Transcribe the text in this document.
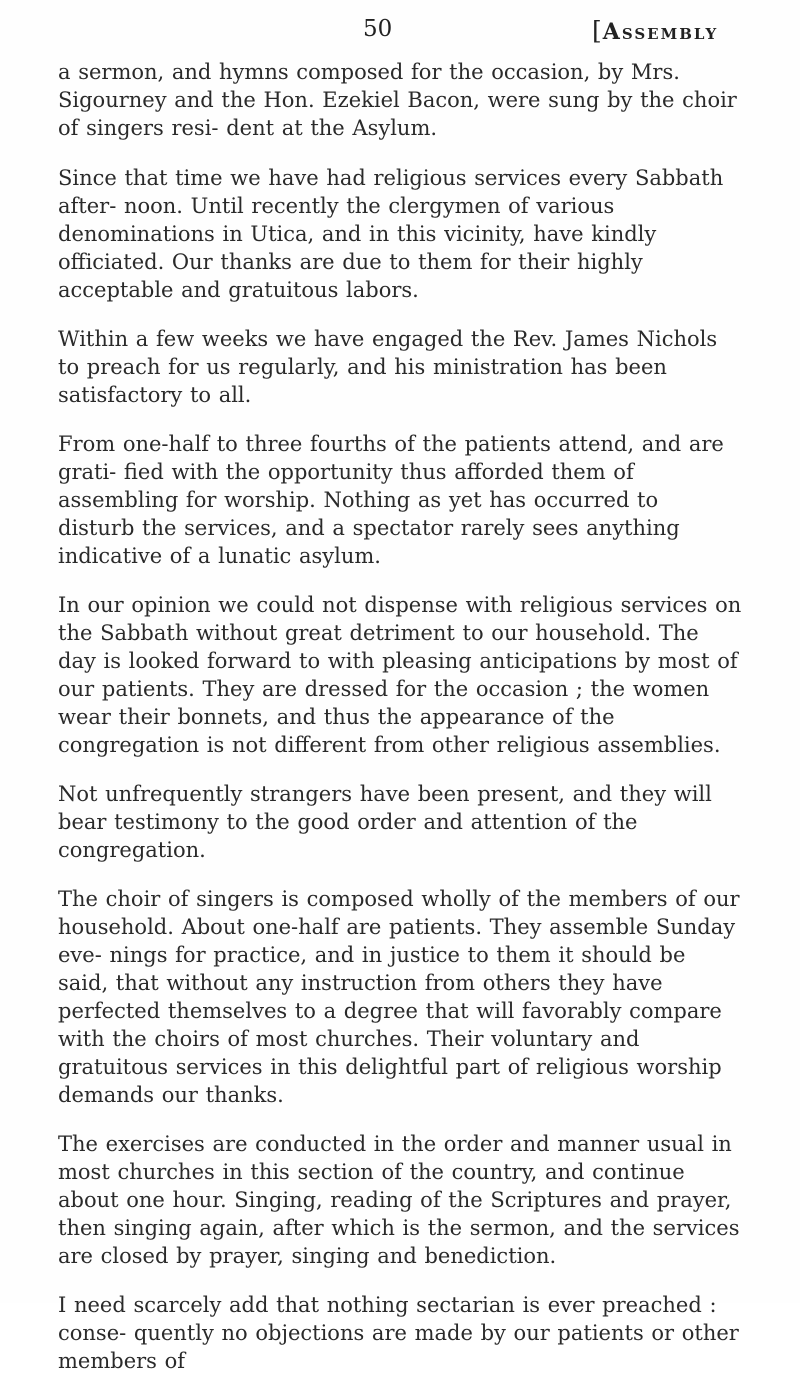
50	[Assembly

a sermon, and hymns composed for the occasion, by Mrs. Sigourney and the Hon. Ezekiel Bacon, were sung by the choir of singers resi- dent at the Asylum.

Since that time we have had religious services every Sabbath after- noon. Until recently the clergymen of various denominations in Utica, and in this vicinity, have kindly officiated. Our thanks are due to them for their highly acceptable and gratuitous labors.

Within a few weeks we have engaged the Rev. James Nichols to preach for us regularly, and his ministration has been satisfactory to all.

From one-half to three fourths of the patients attend, and are grati- fied with the opportunity thus afforded them of assembling for worship. Nothing as yet has occurred to disturb the services, and a spectator rarely sees anything indicative of a lunatic asylum.

In our opinion we could not dispense with religious services on the Sabbath without great detriment to our household. The day is looked forward to with pleasing anticipations by most of our patients. They are dressed for the occasion ; the women wear their bonnets, and thus the appearance of the congregation is not different from other religious assemblies.

Not unfrequently strangers have been present, and they will bear testimony to the good order and attention of the congregation.

The choir of singers is composed wholly of the members of our household. About one-half are patients. They assemble Sunday eve- nings for practice, and in justice to them it should be said, that without any instruction from others they have perfected themselves to a degree that will favorably compare with the choirs of most churches. Their voluntary and gratuitous services in this delightful part of religious worship demands our thanks.

The exercises are conducted in the order and manner usual in most churches in this section of the country, and continue about one hour. Singing, reading of the Scriptures and prayer, then singing again, after which is the sermon, and the services are closed by prayer, singing and benediction.

I need scarcely add that nothing sectarian is ever preached : conse- quently no objections are made by our patients or other members of
